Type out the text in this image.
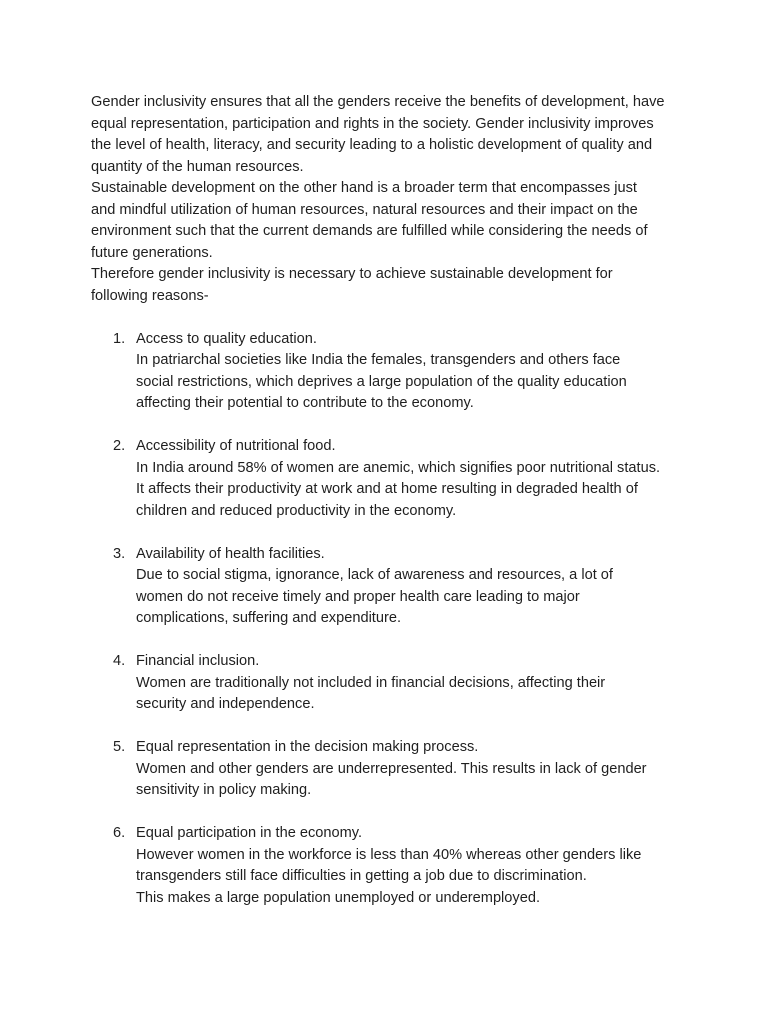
Gender inclusivity ensures that all the genders receive the benefits of development, have
equal representation, participation and rights in the society. Gender inclusivity improves
the level of health, literacy, and security leading to a holistic development of quality and
quantity of the human resources.

Sustainable development on the other hand is a broader term that encompasses just
and mindful utilization of human resources, natural resources and their impact on the
environment such that the current demands are fulfilled while considering the needs of
future generations.

Therefore gender inclusivity is necessary to achieve sustainable development for
following reasons-

1. Access to quality education.
In patriarchal societies like India the females, transgenders and others face
social restrictions, which deprives a large population of the quality education
affecting their potential to contribute to the economy.
2. Accessibility of nutritional food.
In India around 58% of women are anemic, which signifies poor nutritional status.
It affects their productivity at work and at home resulting in degraded health of
children and reduced productivity in the economy.
3. Availability of health facilities.
Due to social stigma, ignorance, lack of awareness and resources, a lot of
women do not receive timely and proper health care leading to major
complications, suffering and expenditure.
4. Financial inclusion.
Women are traditionally not included in financial decisions, affecting their
security and independence.
5. Equal representation in the decision making process.
Women and other genders are underrepresented. This results in lack of gender
sensitivity in policy making.
6. Equal participation in the economy.
However women in the workforce is less than 40% whereas other genders like
transgenders still face difficulties in getting a job due to discrimination.
This makes a large population unemployed or underemployed.
